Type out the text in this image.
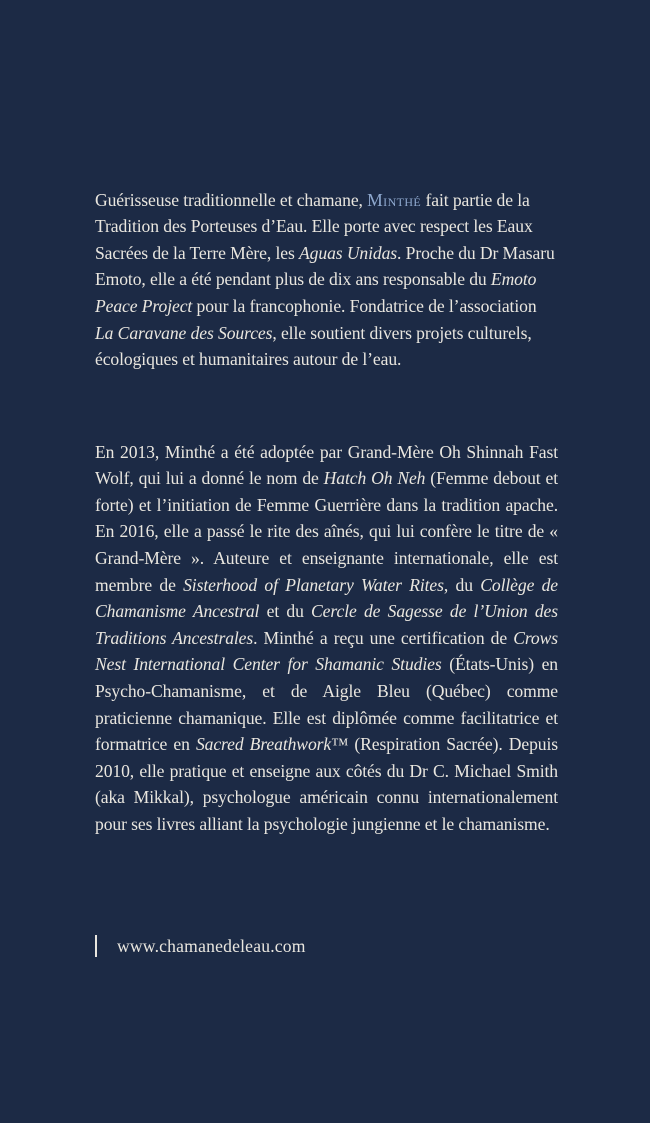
Guérisseuse traditionnelle et chamane, Minthé fait partie de la Tradition des Porteuses d’Eau. Elle porte avec respect les Eaux Sacrées de la Terre Mère, les Aguas Unidas. Proche du Dr Masaru Emoto, elle a été pendant plus de dix ans responsable du Emoto Peace Project pour la francophonie. Fondatrice de l’association La Caravane des Sources, elle soutient divers projets culturels, écologiques et humanitaires autour de l’eau.

En 2013, Minthé a été adoptée par Grand-Mère Oh Shinnah Fast Wolf, qui lui a donné le nom de Hatch Oh Neh (Femme debout et forte) et l’initiation de Femme Guerrière dans la tradition apache. En 2016, elle a passé le rite des aînés, qui lui confère le titre de « Grand-Mère ». Auteure et enseignante internationale, elle est membre de Sisterhood of Planetary Water Rites, du Collège de Chamanisme Ancestral et du Cercle de Sagesse de l’Union des Traditions Ancestrales. Minthé a reçu une certification de Crows Nest International Center for Shamanic Studies (États-Unis) en Psycho-Chamanisme, et de Aigle Bleu (Québec) comme praticienne chamanique. Elle est diplômée comme facilitatrice et formatrice en Sacred Breathwork™ (Respiration Sacrée). Depuis 2010, elle pratique et enseigne aux côtés du Dr C. Michael Smith (aka Mikkal), psychologue américain connu internationalement pour ses livres alliant la psychologie jungienne et le chamanisme.

www.chamanedeleau.com
